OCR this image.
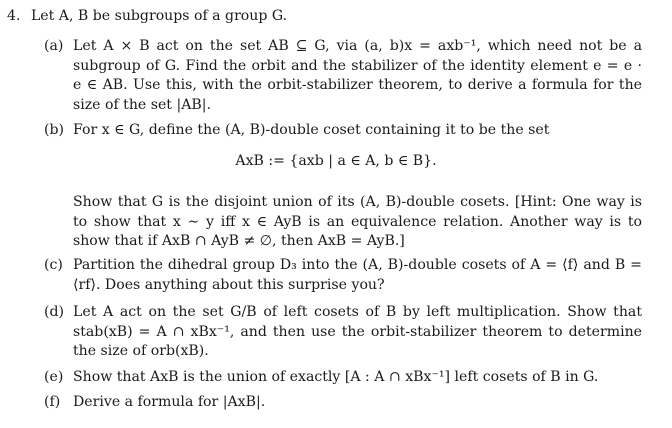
4. Let A, B be subgroups of a group G.
(a) Let A × B act on the set AB ⊆ G, via (a, b)x = axb⁻¹, which need not be a subgroup of G. Find the orbit and the stabilizer of the identity element e = e · e ∈ AB. Use this, with the orbit-stabilizer theorem, to derive a formula for the size of the set |AB|.
(b) For x ∈ G, define the (A, B)-double coset containing it to be the set
AxB := {axb | a ∈ A, b ∈ B}.
Show that G is the disjoint union of its (A, B)-double cosets. [Hint: One way is to show that x ∼ y iff x ∈ AyB is an equivalence relation. Another way is to show that if AxB ∩ AyB ≠ ∅, then AxB = AyB.]
(c) Partition the dihedral group D₃ into the (A, B)-double cosets of A = ⟨f⟩ and B = ⟨rf⟩. Does anything about this surprise you?
(d) Let A act on the set G/B of left cosets of B by left multiplication. Show that stab(xB) = A ∩ xBx⁻¹, and then use the orbit-stabilizer theorem to determine the size of orb(xB).
(e) Show that AxB is the union of exactly [A : A ∩ xBx⁻¹] left cosets of B in G.
(f) Derive a formula for |AxB|.
